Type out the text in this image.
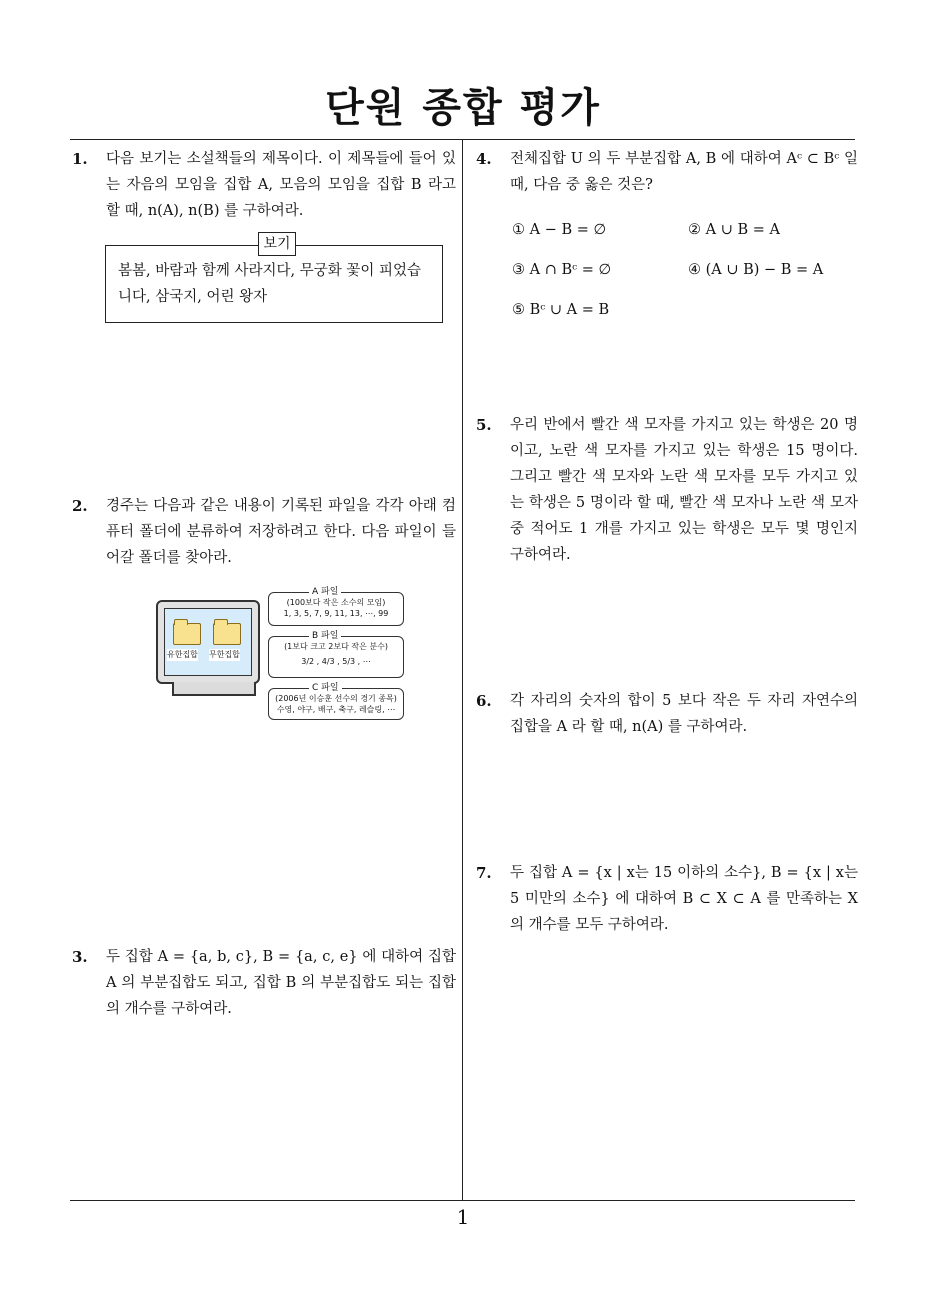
단원 종합 평가
1. 다음 보기는 소설책들의 제목이다. 이 제목들에 들어 있는 자음의 모임을 집합 A, 모음의 모임을 집합 B 라고 할 때, n(A), n(B) 를 구하여라.
봄봄, 바람과 함께 사라지다, 무궁화 꽃이 피었습니다, 삼국지, 어린 왕자
보기
2. 경주는 다음과 같은 내용이 기록된 파일을 각각 아래 컴퓨터 폴더에 분류하여 저장하려고 한다. 다음 파일이 들어갈 폴더를 찾아라.
유한집합 무한집합
A 파일
(100보다 작은 소수의 모임)
1, 3, 5, 7, 9, 11, 13, ⋯, 99
B 파일
(1보다 크고 2보다 작은 분수)
3/2 , 4/3 , 5/3 , ⋯
C 파일
(2006년 이승훈 선수의 경기 종목)
수영, 야구, 배구, 축구, 레슬링, ⋯
3. 두 집합 A = {a, b, c}, B = {a, c, e} 에 대하여 집합 A 의 부분집합도 되고, 집합 B 의 부분집합도 되는 집합의 개수를 구하여라.
4. 전체집합 U 의 두 부분집합 A, B 에 대하여 Aᶜ ⊂ Bᶜ 일 때, 다음 중 옳은 것은?
① A − B = ∅	② A ∪ B = A
③ A ∩ Bᶜ = ∅	④ (A ∪ B) − B = A
⑤ Bᶜ ∪ A = B
5. 우리 반에서 빨간 색 모자를 가지고 있는 학생은 20 명이고, 노란 색 모자를 가지고 있는 학생은 15 명이다. 그리고 빨간 색 모자와 노란 색 모자를 모두 가지고 있는 학생은 5 명이라 할 때, 빨간 색 모자나 노란 색 모자 중 적어도 1 개를 가지고 있는 학생은 모두 몇 명인지 구하여라.
6. 각 자리의 숫자의 합이 5 보다 작은 두 자리 자연수의 집합을 A 라 할 때, n(A) 를 구하여라.
7. 두 집합 A = {x | x는 15 이하의 소수}, B = {x | x는 5 미만의 소수} 에 대하여 B ⊂ X ⊂ A 를 만족하는 X 의 개수를 모두 구하여라.
1
